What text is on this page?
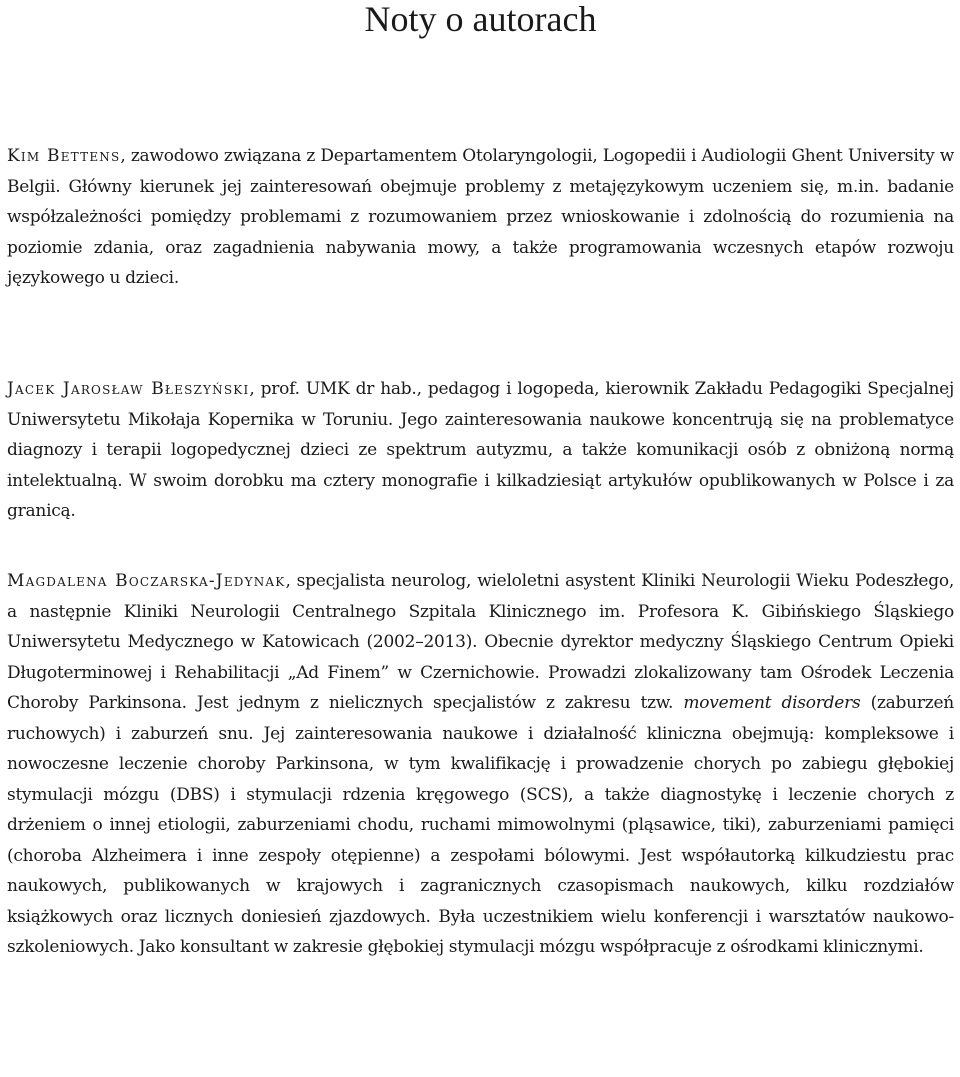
Noty o autorach

Kim Bettens, zawodowo związana z Departamentem Otolaryngologii, Logopedii i Audiologii Ghent University w Belgii. Główny kierunek jej zainteresowań obejmuje problemy z metajęzykowym uczeniem się, m.in. badanie współzależności pomiędzy problemami z rozumowaniem przez wnioskowanie i zdolnością do rozumienia na poziomie zdania, oraz zagadnienia nabywania mowy, a także programowania wczesnych etapów rozwoju językowego u dzieci.

Jacek Jarosław Błeszyński, prof. UMK dr hab., pedagog i logopeda, kierownik Zakładu Pedagogiki Specjalnej Uniwersytetu Mikołaja Kopernika w Toruniu. Jego zainteresowania naukowe koncentrują się na problematyce diagnozy i terapii logopedycznej dzieci ze spektrum autyzmu, a także komunikacji osób z obniżoną normą intelektualną. W swoim dorobku ma cztery monografie i kilkadziesiąt artykułów opublikowanych w Polsce i za granicą.

Magdalena Boczarska-Jedynak, specjalista neurolog, wieloletni asystent Kliniki Neurologii Wieku Podeszłego, a następnie Kliniki Neurologii Centralnego Szpitala Klinicznego im. Profesora K. Gibińskiego Śląskiego Uniwersytetu Medycznego w Katowicach (2002–2013). Obecnie dyrektor medyczny Śląskiego Centrum Opieki Długoterminowej i Rehabilitacji „Ad Finem” w Czernichowie. Prowadzi zlokalizowany tam Ośrodek Leczenia Choroby Parkinsona. Jest jednym z nielicznych specjalistów z zakresu tzw. movement disorders (zaburzeń ruchowych) i zaburzeń snu. Jej zainteresowania naukowe i działalność kliniczna obejmują: kompleksowe i nowoczesne leczenie choroby Parkinsona, w tym kwalifikację i prowadzenie chorych po zabiegu głębokiej stymulacji mózgu (DBS) i stymulacji rdzenia kręgowego (SCS), a także diagnostykę i leczenie chorych z drżeniem o innej etiologii, zaburzeniami chodu, ruchami mimowolnymi (pląsawice, tiki), zaburzeniami pamięci (choroba Alzheimera i inne zespoły otępienne) a zespołami bólowymi. Jest współautorką kilkudziestu prac naukowych, publikowanych w krajowych i zagranicznych czasopismach naukowych, kilku rozdziałów książkowych oraz licznych doniesień zjazdowych. Była uczestnikiem wielu konferencji i warsztatów naukowo-szkoleniowych. Jako konsultant w zakresie głębokiej stymulacji mózgu współpracuje z ośrodkami klinicznymi.
